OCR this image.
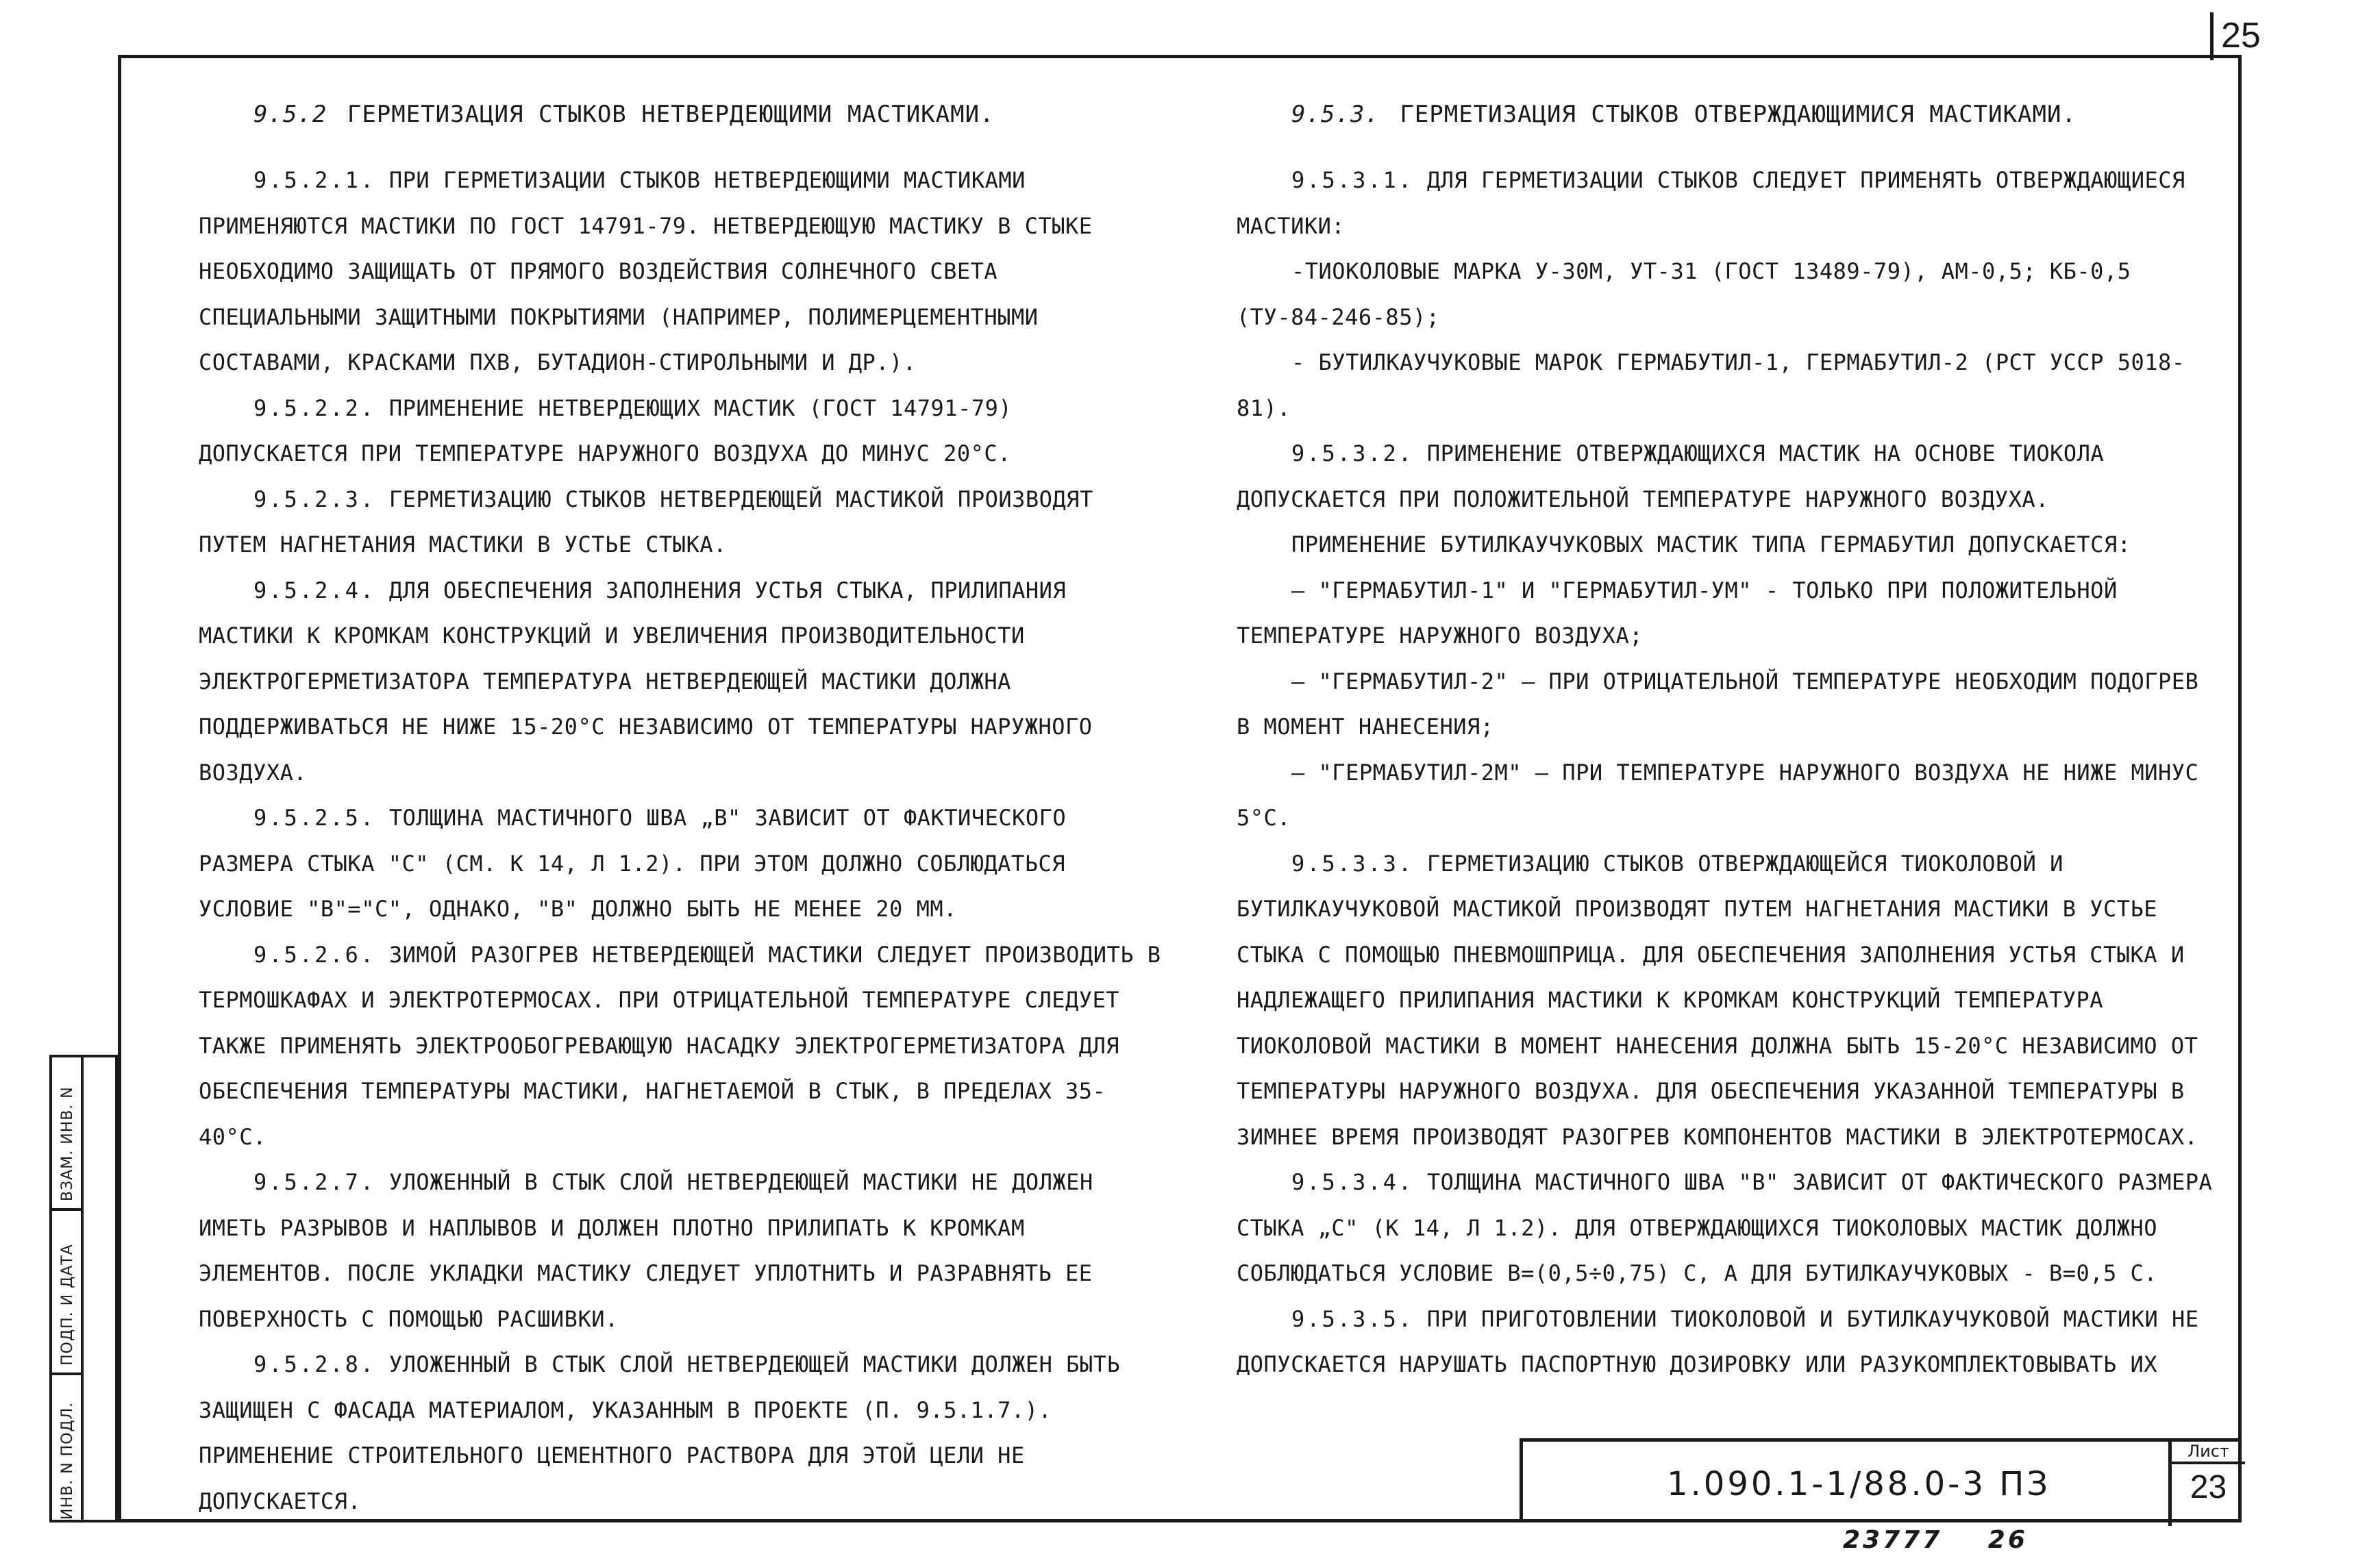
25
9.5.2 ГЕРМЕТИЗАЦИЯ СТЫКОВ НЕТВЕРДЕЮЩИМИ МАСТИКАМИ.

9.5.2.1. ПРИ ГЕРМЕТИЗАЦИИ СТЫКОВ НЕТВЕРДЕЮЩИМИ МАСТИКАМИ ПРИМЕНЯЮТСЯ МАСТИКИ ПО ГОСТ 14791-79. НЕТВЕРДЕЮЩУЮ МАСТИКУ В СТЫКЕ НЕОБХОДИМО ЗАЩИЩАТЬ ОТ ПРЯМОГО ВОЗДЕЙСТВИЯ СОЛНЕЧНОГО СВЕТА СПЕЦИАЛЬНЫМИ ЗАЩИТНЫМИ ПОКРЫТИЯМИ (НАПРИМЕР, ПОЛИМЕРЦЕМЕНТНЫМИ СОСТАВАМИ, КРАСКАМИ ПХВ, БУТАДИОН-СТИРОЛЬНЫМИ И ДР.).

9.5.2.2. ПРИМЕНЕНИЕ НЕТВЕРДЕЮЩИХ МАСТИК (ГОСТ 14791-79) ДОПУСКАЕТСЯ ПРИ ТЕМПЕРАТУРЕ НАРУЖНОГО ВОЗДУХА ДО МИНУС 20°С.

9.5.2.3. ГЕРМЕТИЗАЦИЮ СТЫКОВ НЕТВЕРДЕЮЩЕЙ МАСТИКОЙ ПРОИЗВОДЯТ ПУТЕМ НАГНЕТАНИЯ МАСТИКИ В УСТЬЕ СТЫКА.

9.5.2.4. ДЛЯ ОБЕСПЕЧЕНИЯ ЗАПОЛНЕНИЯ УСТЬЯ СТЫКА, ПРИЛИПАНИЯ МАСТИКИ К КРОМКАМ КОНСТРУКЦИЙ И УВЕЛИЧЕНИЯ ПРОИЗВОДИТЕЛЬНОСТИ ЭЛЕКТРОГЕРМЕТИЗАТОРА ТЕМПЕРАТУРА НЕТВЕРДЕЮЩЕЙ МАСТИКИ ДОЛЖНА ПОДДЕРЖИВАТЬСЯ НЕ НИЖЕ 15-20°С НЕЗАВИСИМО ОТ ТЕМПЕРАТУРЫ НАРУЖНОГО ВОЗДУХА.

9.5.2.5. ТОЛЩИНА МАСТИЧНОГО ШВА „В" ЗАВИСИТ ОТ ФАКТИЧЕСКОГО РАЗМЕРА СТЫКА "С" (СМ. К 14, Л 1.2). ПРИ ЭТОМ ДОЛЖНО СОБЛЮДАТЬСЯ УСЛОВИЕ "В"="С", ОДНАКО, "В" ДОЛЖНО БЫТЬ НЕ МЕНЕЕ 20 ММ.

9.5.2.6. ЗИМОЙ РАЗОГРЕВ НЕТВЕРДЕЮЩЕЙ МАСТИКИ СЛЕДУЕТ ПРОИЗВОДИТЬ В ТЕРМОШКАФАХ И ЭЛЕКТРОТЕРМОСАХ. ПРИ ОТРИЦАТЕЛЬНОЙ ТЕМПЕРАТУРЕ СЛЕДУЕТ ТАКЖЕ ПРИМЕНЯТЬ ЭЛЕКТРООБОГРЕВАЮЩУЮ НАСАДКУ ЭЛЕКТРОГЕРМЕТИЗАТОРА ДЛЯ ОБЕСПЕЧЕНИЯ ТЕМПЕРАТУРЫ МАСТИКИ, НАГНЕТАЕМОЙ В СТЫК, В ПРЕДЕЛАХ 35-40°С.

9.5.2.7. УЛОЖЕННЫЙ В СТЫК СЛОЙ НЕТВЕРДЕЮЩЕЙ МАСТИКИ НЕ ДОЛЖЕН ИМЕТЬ РАЗРЫВОВ И НАПЛЫВОВ И ДОЛЖЕН ПЛОТНО ПРИЛИПАТЬ К КРОМКАМ ЭЛЕМЕНТОВ. ПОСЛЕ УКЛАДКИ МАСТИКУ СЛЕДУЕТ УПЛОТНИТЬ И РАЗРАВНЯТЬ ЕЕ ПОВЕРХНОСТЬ С ПОМОЩЬЮ РАСШИВКИ.

9.5.2.8. УЛОЖЕННЫЙ В СТЫК СЛОЙ НЕТВЕРДЕЮЩЕЙ МАСТИКИ ДОЛЖЕН БЫТЬ ЗАЩИЩЕН С ФАСАДА МАТЕРИАЛОМ, УКАЗАННЫМ В ПРОЕКТЕ (П. 9.5.1.7.). ПРИМЕНЕНИЕ СТРОИТЕЛЬНОГО ЦЕМЕНТНОГО РАСТВОРА ДЛЯ ЭТОЙ ЦЕЛИ НЕ ДОПУСКАЕТСЯ.

9.5.3. ГЕРМЕТИЗАЦИЯ СТЫКОВ ОТВЕРЖДАЮЩИМИСЯ МАСТИКАМИ.

9.5.3.1. ДЛЯ ГЕРМЕТИЗАЦИИ СТЫКОВ СЛЕДУЕТ ПРИМЕНЯТЬ ОТВЕРЖДАЮЩИЕСЯ МАСТИКИ:

-ТИОКОЛОВЫЕ МАРКА У-30М, УТ-31 (ГОСТ 13489-79), АМ-0,5; КБ-0,5 (ТУ-84-246-85);

- БУТИЛКАУЧУКОВЫЕ МАРОК ГЕРМАБУТИЛ-1, ГЕРМАБУТИЛ-2 (РСТ УССР 5018-81).

9.5.3.2. ПРИМЕНЕНИЕ ОТВЕРЖДАЮЩИХСЯ МАСТИК НА ОСНОВЕ ТИОКОЛА ДОПУСКАЕТСЯ ПРИ ПОЛОЖИТЕЛЬНОЙ ТЕМПЕРАТУРЕ НАРУЖНОГО ВОЗДУХА.

ПРИМЕНЕНИЕ БУТИЛКАУЧУКОВЫХ МАСТИК ТИПА ГЕРМАБУТИЛ ДОПУСКАЕТСЯ:

— "ГЕРМАБУТИЛ-1" И "ГЕРМАБУТИЛ-УМ" - ТОЛЬКО ПРИ ПОЛОЖИТЕЛЬНОЙ ТЕМПЕРАТУРЕ НАРУЖНОГО ВОЗДУХА;

— "ГЕРМАБУТИЛ-2" — ПРИ ОТРИЦАТЕЛЬНОЙ ТЕМПЕРАТУРЕ НЕОБХОДИМ ПОДОГРЕВ В МОМЕНТ НАНЕСЕНИЯ;

— "ГЕРМАБУТИЛ-2М" — ПРИ ТЕМПЕРАТУРЕ НАРУЖНОГО ВОЗДУХА НЕ НИЖЕ МИНУС 5°С.

9.5.3.3. ГЕРМЕТИЗАЦИЮ СТЫКОВ ОТВЕРЖДАЮЩЕЙСЯ ТИОКОЛОВОЙ И БУТИЛКАУЧУКОВОЙ МАСТИКОЙ ПРОИЗВОДЯТ ПУТЕМ НАГНЕТАНИЯ МАСТИКИ В УСТЬЕ СТЫКА С ПОМОЩЬЮ ПНЕВМОШПРИЦА. ДЛЯ ОБЕСПЕЧЕНИЯ ЗАПОЛНЕНИЯ УСТЬЯ СТЫКА И НАДЛЕЖАЩЕГО ПРИЛИПАНИЯ МАСТИКИ К КРОМКАМ КОНСТРУКЦИЙ ТЕМПЕРАТУРА ТИОКОЛОВОЙ МАСТИКИ В МОМЕНТ НАНЕСЕНИЯ ДОЛЖНА БЫТЬ 15-20°С НЕЗАВИСИМО ОТ ТЕМПЕРАТУРЫ НАРУЖНОГО ВОЗДУХА. ДЛЯ ОБЕСПЕЧЕНИЯ УКАЗАННОЙ ТЕМПЕРАТУРЫ В ЗИМНЕЕ ВРЕМЯ ПРОИЗВОДЯТ РАЗОГРЕВ КОМПОНЕНТОВ МАСТИКИ В ЭЛЕКТРОТЕРМОСАХ.

9.5.3.4. ТОЛЩИНА МАСТИЧНОГО ШВА "В" ЗАВИСИТ ОТ ФАКТИЧЕСКОГО РАЗМЕРА СТЫКА „С" (К 14, Л 1.2). ДЛЯ ОТВЕРЖДАЮЩИХСЯ ТИОКОЛОВЫХ МАСТИК ДОЛЖНО СОБЛЮДАТЬСЯ УСЛОВИЕ В=(0,5÷0,75) С, А ДЛЯ БУТИЛКАУЧУКОВЫХ - В=0,5 С.

9.5.3.5. ПРИ ПРИГОТОВЛЕНИИ ТИОКОЛОВОЙ И БУТИЛКАУЧУКОВОЙ МАСТИКИ НЕ ДОПУСКАЕТСЯ НАРУШАТЬ ПАСПОРТНУЮ ДОЗИРОВКУ ИЛИ РАЗУКОМПЛЕКТОВЫВАТЬ ИХ

ИНВ. N ПОДЛ.
ПОДП. И ДАТА
ВЗАМ. ИНВ. N
1.090.1-1/88.0-3 ПЗ
Лист
23
23777 26
